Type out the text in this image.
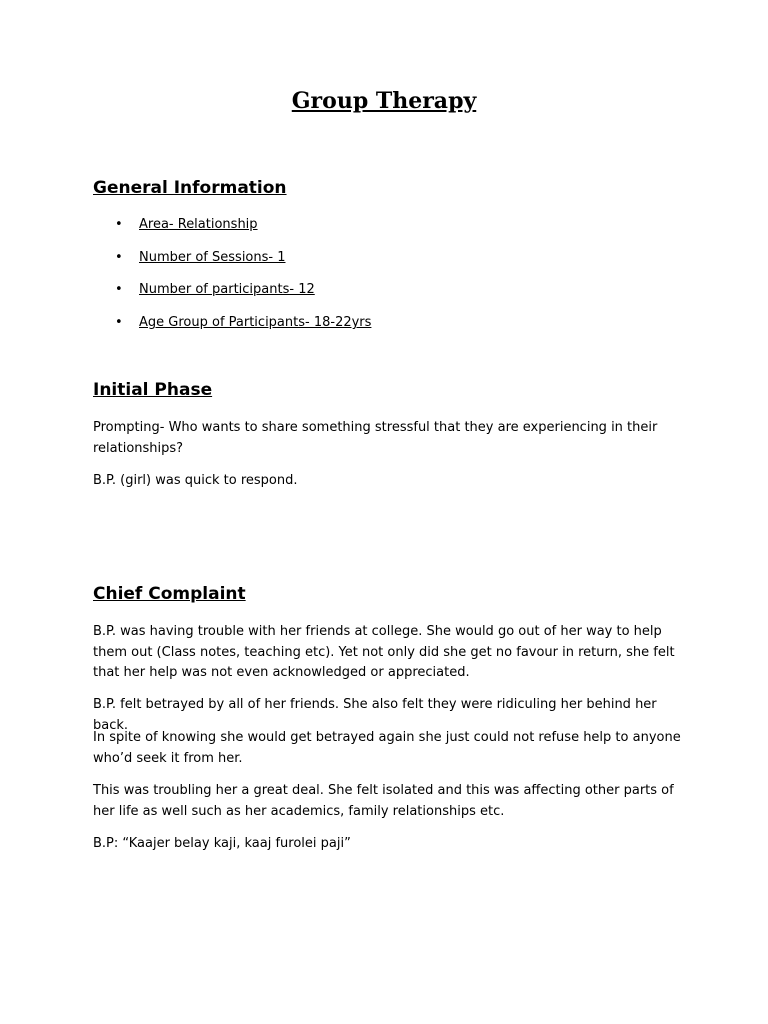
Group Therapy
General Information
• Area- Relationship
• Number of Sessions- 1
• Number of participants- 12
• Age Group of Participants- 18-22yrs
Initial Phase

Prompting- Who wants to share something stressful that they are experiencing in their relationships?

B.P. (girl) was quick to respond.

Chief Complaint

B.P. was having trouble with her friends at college. She would go out of her way to help them out (Class notes, teaching etc). Yet not only did she get no favour in return, she felt that her help was not even acknowledged or appreciated.

B.P. felt betrayed by all of her friends. She also felt they were ridiculing her behind her back.

In spite of knowing she would get betrayed again she just could not refuse help to anyone who’d seek it from her.

This was troubling her a great deal. She felt isolated and this was affecting other parts of her life as well such as her academics, family relationships etc.

B.P: “Kaajer belay kaji, kaaj furolei paji”
